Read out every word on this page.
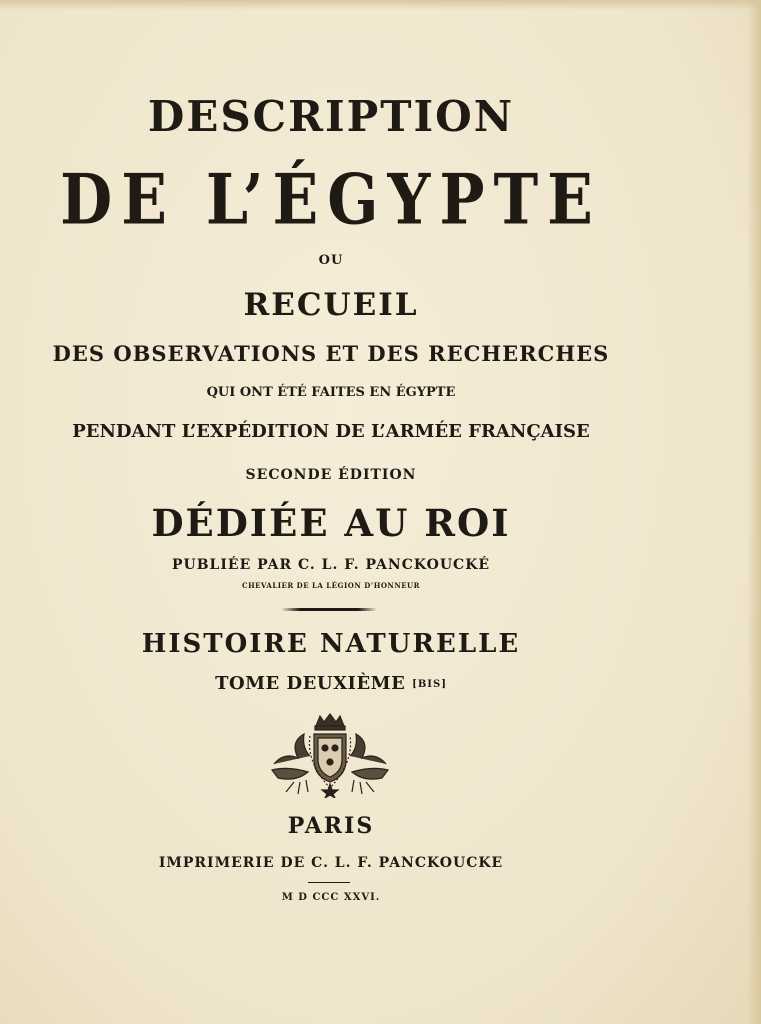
DESCRIPTION
DE L’ÉGYPTE
OU
RECUEIL
DES OBSERVATIONS ET DES RECHERCHES
QUI ONT ÉTÉ FAITES EN ÉGYPTE
PENDANT L’EXPÉDITION DE L’ARMÉE FRANÇAISE
SECONDE ÉDITION
DÉDIÉE AU ROI
PUBLIÉE PAR C. L. F. PANCKOUCKÉ
CHEVALIER DE LA LÉGION D’HONNEUR
HISTOIRE NATURELLE
TOME DEUXIÈME [BIS]
PARIS
IMPRIMERIE DE C. L. F. PANCKOUCKE
M D CCC XXVI.
